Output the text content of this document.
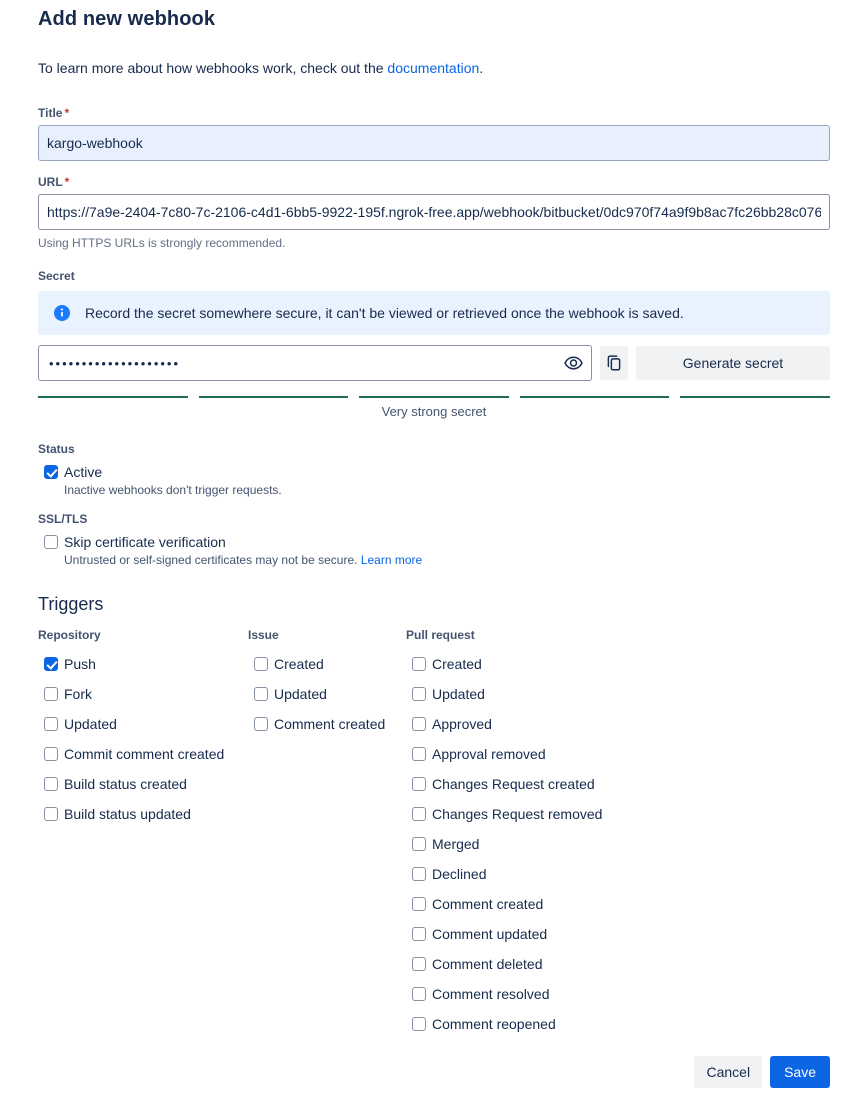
Add new webhook

To learn more about how webhooks work, check out the documentation.

Title *
kargo-webhook
URL *
https://7a9e-2404-7c80-7c-2106-c4d1-6bb5-9922-195f.ngrok-free.app/webhook/bitbucket/0dc970f74a9f9b8ac7fc26bb28c076c0c9
Using HTTPS URLs is strongly recommended.
Secret
Record the secret somewhere secure, it can't be viewed or retrieved once the webhook is saved.
••••••••••••••••••••
Generate secret
Very strong secret
Status
Active
Inactive webhooks don't trigger requests.
SSL/TLS
Skip certificate verification
Untrusted or self-signed certificates may not be secure. Learn more
Triggers
Repository
Push
Fork
Updated
Commit comment created
Build status created
Build status updated
Issue
Created
Updated
Comment created
Pull request
Created
Updated
Approved
Approval removed
Changes Request created
Changes Request removed
Merged
Declined
Comment created
Comment updated
Comment deleted
Comment resolved
Comment reopened
Cancel	Save
